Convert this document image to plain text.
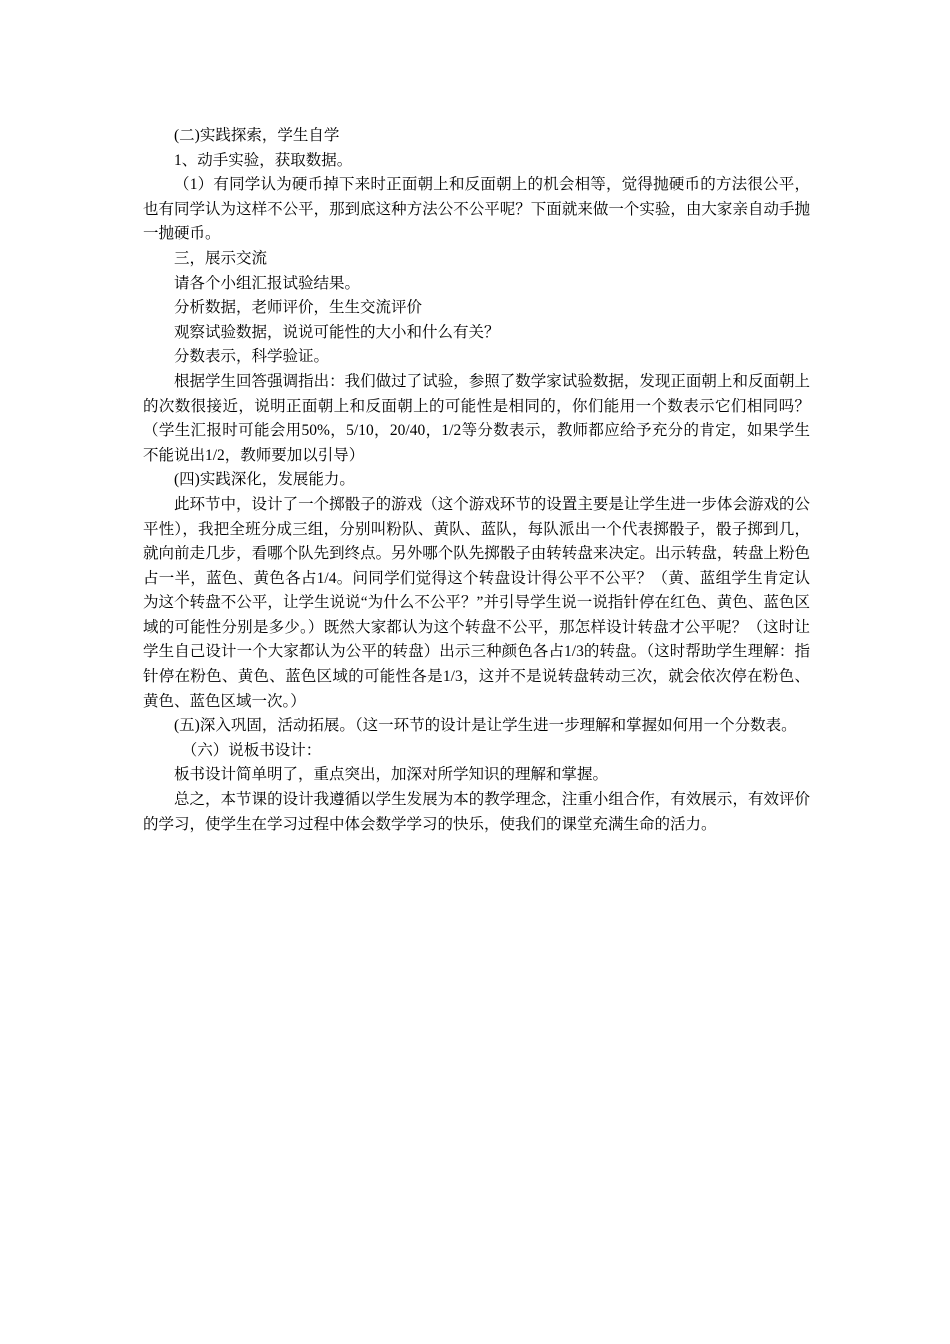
(二)实践探索，学生自学

1、动手实验，获取数据。

（1）有同学认为硬币掉下来时正面朝上和反面朝上的机会相等，觉得抛硬币的方法很公平，也有同学认为这样不公平，那到底这种方法公不公平呢？下面就来做一个实验，由大家亲自动手抛一抛硬币。

三，展示交流

请各个小组汇报试验结果。

分析数据，老师评价，生生交流评价

观察试验数据，说说可能性的大小和什么有关？

分数表示，科学验证。

根据学生回答强调指出：我们做过了试验，参照了数学家试验数据，发现正面朝上和反面朝上的次数很接近，说明正面朝上和反面朝上的可能性是相同的，你们能用一个数表示它们相同吗？（学生汇报时可能会用50%，5/10，20/40，1/2等分数表示，教师都应给予充分的肯定，如果学生不能说出1/2，教师要加以引导）

(四)实践深化，发展能力。

此环节中，设计了一个掷骰子的游戏（这个游戏环节的设置主要是让学生进一步体会游戏的公平性），我把全班分成三组，分别叫粉队、黄队、蓝队，每队派出一个代表掷骰子，骰子掷到几，就向前走几步，看哪个队先到终点。另外哪个队先掷骰子由转转盘来决定。出示转盘，转盘上粉色占一半，蓝色、黄色各占1/4。问同学们觉得这个转盘设计得公平不公平？（黄、蓝组学生肯定认为这个转盘不公平，让学生说说“为什么不公平？”并引导学生说一说指针停在红色、黄色、蓝色区域的可能性分别是多少。）既然大家都认为这个转盘不公平，那怎样设计转盘才公平呢？（这时让学生自己设计一个大家都认为公平的转盘）出示三种颜色各占1/3的转盘。（这时帮助学生理解：指针停在粉色、黄色、蓝色区域的可能性各是1/3，这并不是说转盘转动三次，就会依次停在粉色、黄色、蓝色区域一次。）

(五)深入巩固，活动拓展。（这一环节的设计是让学生进一步理解和掌握如何用一个分数表。

（六）说板书设计：

板书设计简单明了，重点突出，加深对所学知识的理解和掌握。

总之，本节课的设计我遵循以学生发展为本的教学理念，注重小组合作，有效展示，有效评价的学习，使学生在学习过程中体会数学学习的快乐，使我们的课堂充满生命的活力。
